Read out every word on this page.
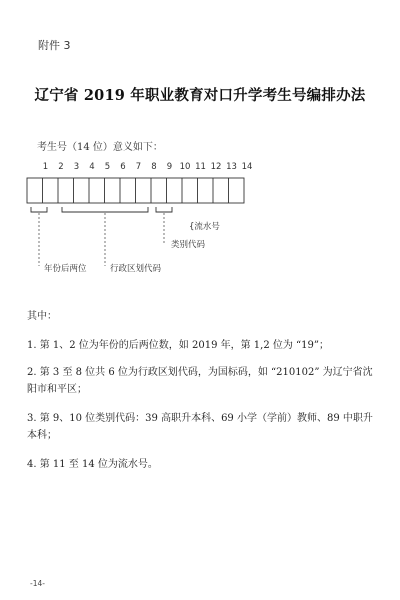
附件 3
辽宁省 2019 年职业教育对口升学考生号编排办法
考生号（14 位）意义如下：
1	2	3	4	5	6	7	8	9 10 11 12 13 14
{流水号
类别代码
年份后两位	行政区划代码
其中：
1. 第 1、2 位为年份的后两位数，如 2019 年，第 1,2 位为 “19”；
2. 第 3 至 8 位共 6 位为行政区划代码，为国标码，如 “210102” 为辽宁省沈阳市和平区；
3. 第 9、10 位类别代码：39 高职升本科、69 小学（学前）教师、89 中职升本科；
4. 第 11 至 14 位为流水号。
-14-
